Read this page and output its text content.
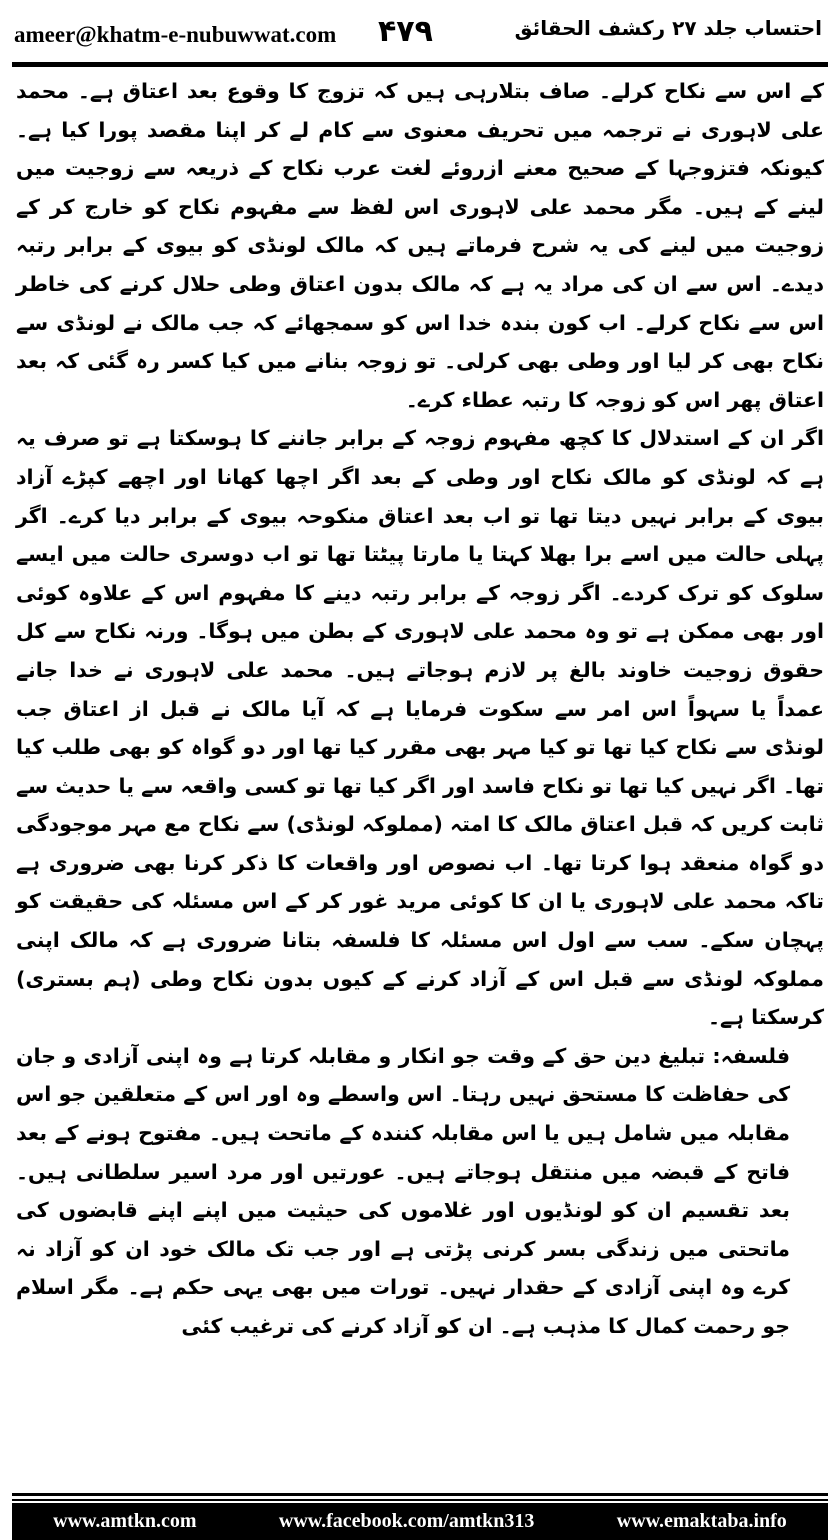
ameer@khatm-e-nubuwwat.com ۴۷۹	احتساب جلد ۲۷ رکشف الحقائق

کے اس سے نکاح کرلے۔ صاف بتلارہی ہیں کہ تزوج کا وقوع بعد اعتاق ہے۔ محمد علی لاہوری نے ترجمہ میں تحریف معنوی سے کام لے کر اپنا مقصد پورا کیا ہے۔ کیونکہ فتزوجہا کے صحیح معنے ازروئے لغت عرب نکاح کے ذریعہ سے زوجیت میں لینے کے ہیں۔ مگر محمد علی لاہوری اس لفظ سے مفہوم نکاح کو خارج کر کے زوجیت میں لینے کی یہ شرح فرماتے ہیں کہ مالک لونڈی کو بیوی کے برابر رتبہ دیدے۔ اس سے ان کی مراد یہ ہے کہ مالک بدون اعتاق وطی حلال کرنے کی خاطر اس سے نکاح کرلے۔ اب کون بندہ خدا اس کو سمجھائے کہ جب مالک نے لونڈی سے نکاح بھی کر لیا اور وطی بھی کرلی۔ تو زوجہ بنانے میں کیا کسر رہ گئی کہ بعد اعتاق پھر اس کو زوجہ کا رتبہ عطاء کرے۔

اگر ان کے استدلال کا کچھ مفہوم زوجہ کے برابر جاننے کا ہوسکتا ہے تو صرف یہ ہے کہ لونڈی کو مالک نکاح اور وطی کے بعد اگر اچھا کھانا اور اچھے کپڑے آزاد بیوی کے برابر نہیں دیتا تھا تو اب بعد اعتاق منکوحہ بیوی کے برابر دیا کرے۔ اگر پہلی حالت میں اسے برا بھلا کہتا یا مارتا پیٹتا تھا تو اب دوسری حالت میں ایسے سلوک کو ترک کردے۔ اگر زوجہ کے برابر رتبہ دینے کا مفہوم اس کے علاوہ کوئی اور بھی ممکن ہے تو وہ محمد علی لاہوری کے بطن میں ہوگا۔ ورنہ نکاح سے کل حقوق زوجیت خاوند بالغ پر لازم ہوجاتے ہیں۔ محمد علی لاہوری نے خدا جانے عمداً یا سہواً اس امر سے سکوت فرمایا ہے کہ آیا مالک نے قبل از اعتاق جب لونڈی سے نکاح کیا تھا تو کیا مہر بھی مقرر کیا تھا اور دو گواہ کو بھی طلب کیا تھا۔ اگر نہیں کیا تھا تو نکاح فاسد اور اگر کیا تھا تو کسی واقعہ سے یا حدیث سے ثابت کریں کہ قبل اعتاق مالک کا امتہ (مملوکہ لونڈی) سے نکاح مع مہر موجودگی دو گواہ منعقد ہوا کرتا تھا۔ اب نصوص اور واقعات کا ذکر کرنا بھی ضروری ہے تاکہ محمد علی لاہوری یا ان کا کوئی مرید غور کر کے اس مسئلہ کی حقیقت کو پہچان سکے۔ سب سے اول اس مسئلہ کا فلسفہ بتانا ضروری ہے کہ مالک اپنی مملوکہ لونڈی سے قبل اس کے آزاد کرنے کے کیوں بدون نکاح وطی (ہم بستری) کرسکتا ہے۔

فلسفہ: تبلیغ دین حق کے وقت جو انکار و مقابلہ کرتا ہے وہ اپنی آزادی و جان کی حفاظت کا مستحق نہیں رہتا۔ اس واسطے وہ اور اس کے متعلقین جو اس مقابلہ میں شامل ہیں یا اس مقابلہ کنندہ کے ماتحت ہیں۔ مفتوح ہونے کے بعد فاتح کے قبضہ میں منتقل ہوجاتے ہیں۔ عورتیں اور مرد اسیر سلطانی ہیں۔ بعد تقسیم ان کو لونڈیوں اور غلاموں کی حیثیت میں اپنے اپنے قابضوں کی ماتحتی میں زندگی بسر کرنی پڑتی ہے اور جب تک مالک خود ان کو آزاد نہ کرے وہ اپنی آزادی کے حقدار نہیں۔ تورات میں بھی یہی حکم ہے۔ مگر اسلام جو رحمت کمال کا مذہب ہے۔ ان کو آزاد کرنے کی ترغیب کئی

www.amtkn.com	www.facebook.com/amtkn313	www.emaktaba.info
